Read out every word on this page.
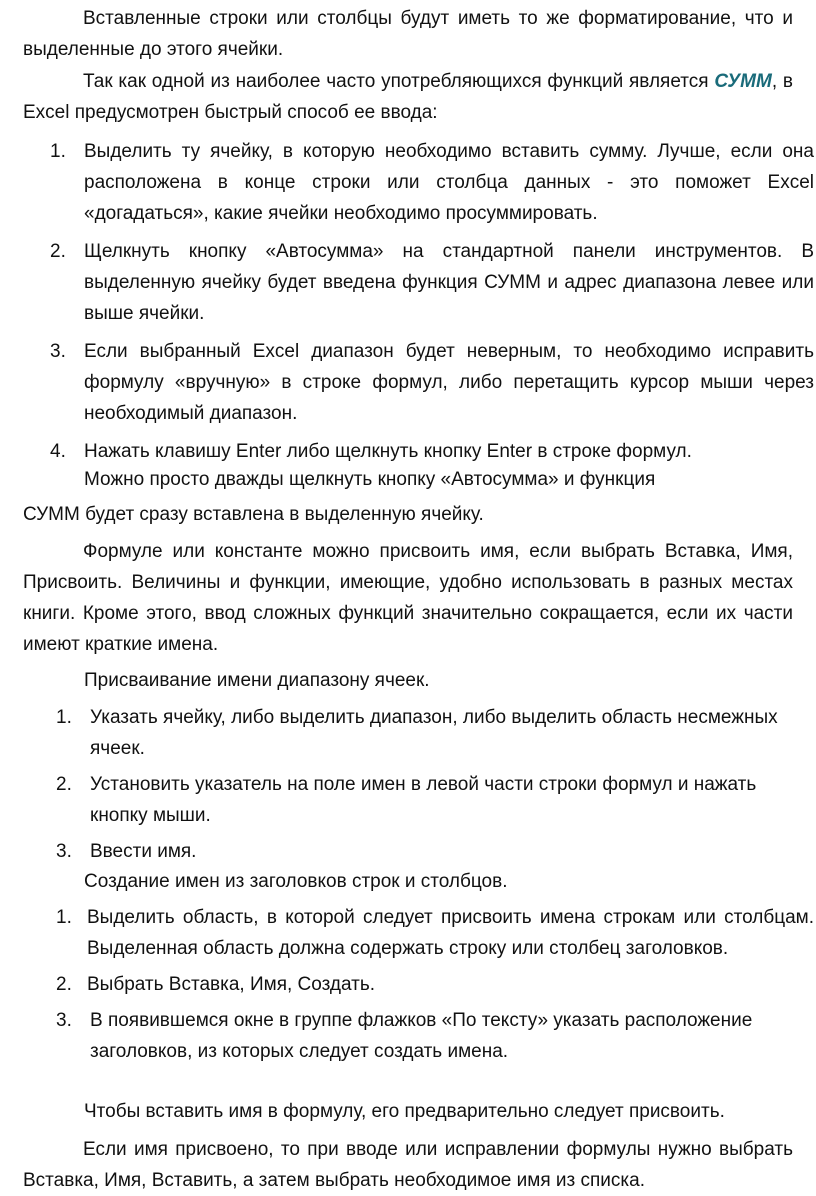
Вставленные строки или столбцы будут иметь то же форматирование, что и выделенные до этого ячейки.

Так как одной из наиболее часто употребляющихся функций является СУММ, в Excel предусмотрен быстрый способ ее ввода:

1. Выделить ту ячейку, в которую необходимо вставить сумму. Лучше, если она расположена в конце строки или столбца данных - это поможет Excel «догадаться», какие ячейки необходимо просуммировать.
2. Щелкнуть кнопку «Автосумма» на стандартной панели инструментов. В выделенную ячейку будет введена функция СУММ и адрес диапазона левее или выше ячейки.
3. Если выбранный Excel диапазон будет неверным, то необходимо исправить формулу «вручную» в строке формул, либо перетащить курсор мыши через необходимый диапазон.
4. Нажать клавишу Enter либо щелкнуть кнопку Enter в строке формул.

Можно просто дважды щелкнуть кнопку «Автосумма» и функция

СУММ будет сразу вставлена в выделенную ячейку.

Формуле или константе можно присвоить имя, если выбрать Вставка, Имя, Присвоить. Величины и функции, имеющие, удобно использовать в разных местах книги. Кроме этого, ввод сложных функций значительно сокращается, если их части имеют краткие имена.

Присваивание имени диапазону ячеек.

1. Указать ячейку, либо выделить диапазон, либо выделить область несмежных ячеек.
2. Установить указатель на поле имен в левой части строки формул и нажать кнопку мыши.
3. Ввести имя.

Создание имен из заголовков строк и столбцов.

1. Выделить область, в которой следует присвоить имена строкам или столбцам. Выделенная область должна содержать строку или столбец заголовков.
2. Выбрать Вставка, Имя, Создать.
3. В появившемся окне в группе флажков «По тексту» указать расположение заголовков, из которых следует создать имена.

Чтобы вставить имя в формулу, его предварительно следует присвоить.

Если имя присвоено, то при вводе или исправлении формулы нужно выбрать Вставка, Имя, Вставить, а затем выбрать необходимое имя из списка.
